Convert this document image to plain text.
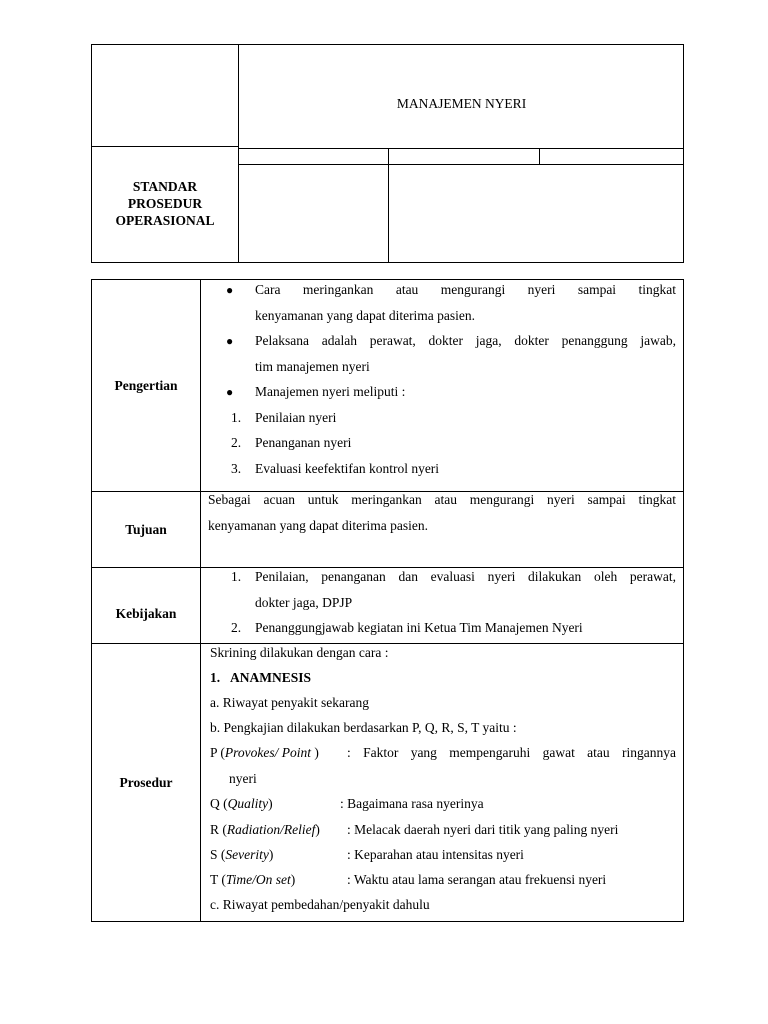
MANAJEMEN NYERI
STANDAR
PROSEDUR
OPERASIONAL
Pengertian
● Cara meringankan atau mengurangi nyeri sampai tingkat
kenyamanan yang dapat diterima pasien.
● Pelaksana adalah perawat, dokter jaga, dokter penanggung jawab,
tim manajemen nyeri
● Manajemen nyeri meliputi :
1. Penilaian nyeri
2. Penanganan nyeri
3. Evaluasi keefektifan kontrol nyeri
Tujuan
Sebagai acuan untuk meringankan atau mengurangi nyeri sampai tingkat
kenyamanan yang dapat diterima pasien.
Kebijakan
1. Penilaian, penanganan dan evaluasi nyeri dilakukan oleh perawat,
dokter jaga, DPJP
2. Penanggungjawab kegiatan ini Ketua Tim Manajemen Nyeri
Prosedur
Skrining dilakukan dengan cara :
1. ANAMNESIS
a. Riwayat penyakit sekarang
b. Pengkajian dilakukan berdasarkan P, Q, R, S, T yaitu :
P (Provokes/ Point ) : Faktor yang mempengaruhi gawat atau ringannya
nyeri
Q (Quality)	: Bagaimana rasa nyerinya
R (Radiation/Relief) : Melacak daerah nyeri dari titik yang paling nyeri
S (Severity)	: Keparahan atau intensitas nyeri
T (Time/On set)	: Waktu atau lama serangan atau frekuensi nyeri
c. Riwayat pembedahan/penyakit dahulu
